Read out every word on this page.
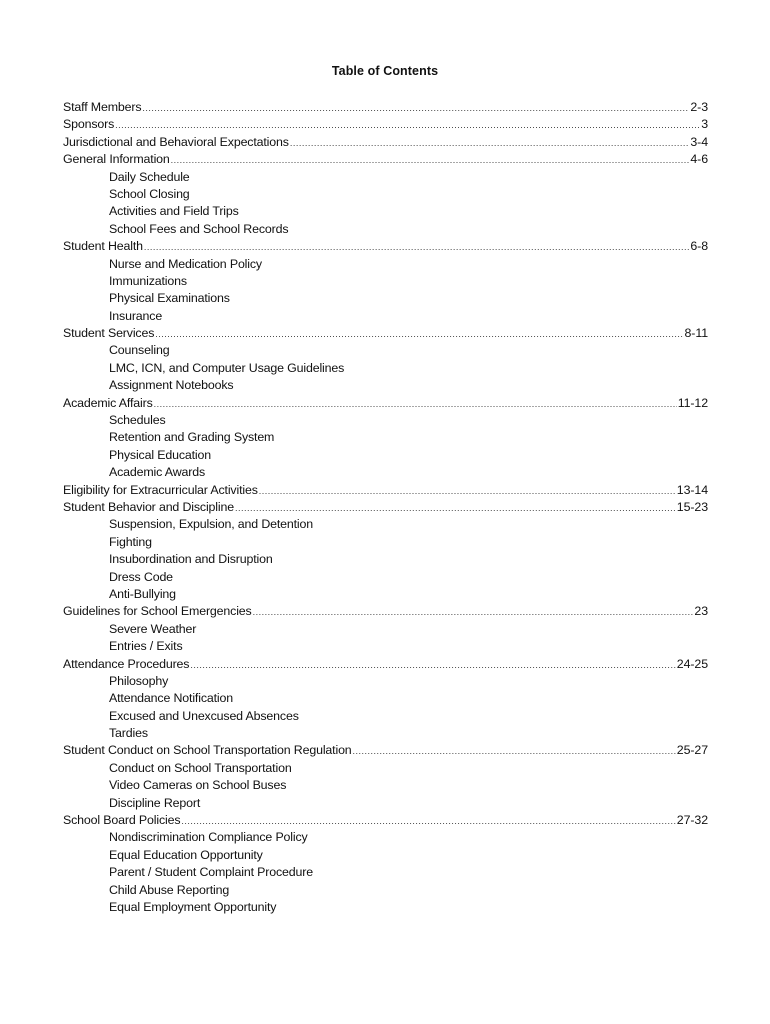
Table of Contents
Staff Members .....	2-3
Sponsors .....	3
Jurisdictional and Behavioral Expectations .....	3-4
General Information .....	4-6
Daily Schedule
School Closing
Activities and Field Trips
School Fees and School Records
Student Health .....	6-8
Nurse and Medication Policy
Immunizations
Physical Examinations
Insurance
Student Services .....	8-11
Counseling
LMC, ICN, and Computer Usage Guidelines
Assignment Notebooks
Academic Affairs .....	11-12
Schedules
Retention and Grading System
Physical Education
Academic Awards
Eligibility for Extracurricular Activities .....	13-14
Student Behavior and Discipline .....	15-23
Suspension, Expulsion, and Detention
Fighting
Insubordination and Disruption
Dress Code
Anti-Bullying
Guidelines for School Emergencies .....	23
Severe Weather
Entries / Exits
Attendance Procedures .....	24-25
Philosophy
Attendance Notification
Excused and Unexcused Absences
Tardies
Student Conduct on School Transportation Regulation .....	25-27
Conduct on School Transportation
Video Cameras on School Buses
Discipline Report
School Board Policies .....	27-32
Nondiscrimination Compliance Policy
Equal Education Opportunity
Parent / Student Complaint Procedure
Child Abuse Reporting
Equal Employment Opportunity
